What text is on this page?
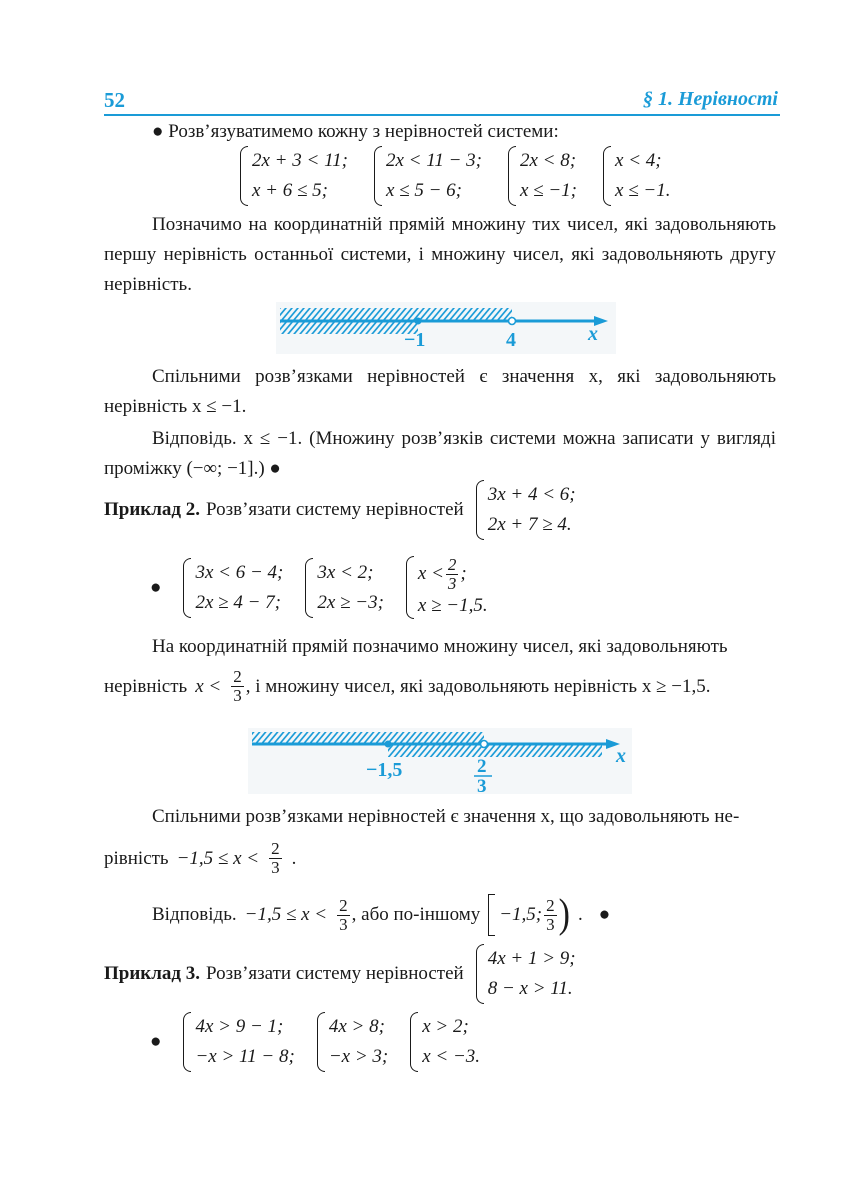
52	§ 1. Нерівності
● Розв’язуватимемо кожну з нерівностей системи:
2x + 3 < 11;
x + 6 ≤ 5;
2x < 11 − 3;
x ≤ 5 − 6;
2x < 8;
x ≤ −1;
x < 4;
x ≤ −1.
Позначимо на координатній прямій множину тих чисел, які задовольняють першу нерівність останньої системи, і множину чисел, які задовольняють другу нерівність.
−1	4	x
Спільними розв’язками нерівностей є значення x, які задовольняють нерівність x ≤ −1.
Відповідь. x ≤ −1. (Множину розв’язків системи можна записати у вигляді проміжку (−∞; −1].) ●
Приклад 2. Розв’язати систему нерівностей
3x + 4 < 6;
2x + 7 ≥ 4.
●
3x < 6 − 4;
2x ≥ 4 − 7;
3x < 2;
2x ≥ −3;
$x < \frac{2}{3}$ ;
x ≥ −1,5.
На координатній прямій позначимо множину чисел, які задовольняють
нерівність $x < \frac{2}{3}$ , і множину чисел, які задовольняють нерівність x ≥ −1,5.
−1,5	2
3
x
Спільними розв’язками нерівностей є значення x, що задовольняють не-
рівність $-1,5 \le x < \frac{2}{3}$ .
Відповідь. $-1,5 \le x < \frac{2}{3}$ , або по-іншому −1,5; $\frac{2}{3}$ ) . ●
Приклад 3. Розв’язати систему нерівностей
4x + 1 > 9;
8 − x > 11.
●
4x > 9 − 1;
−x > 11 − 8;
4x > 8;
−x > 3;
x > 2;
x < −3.
